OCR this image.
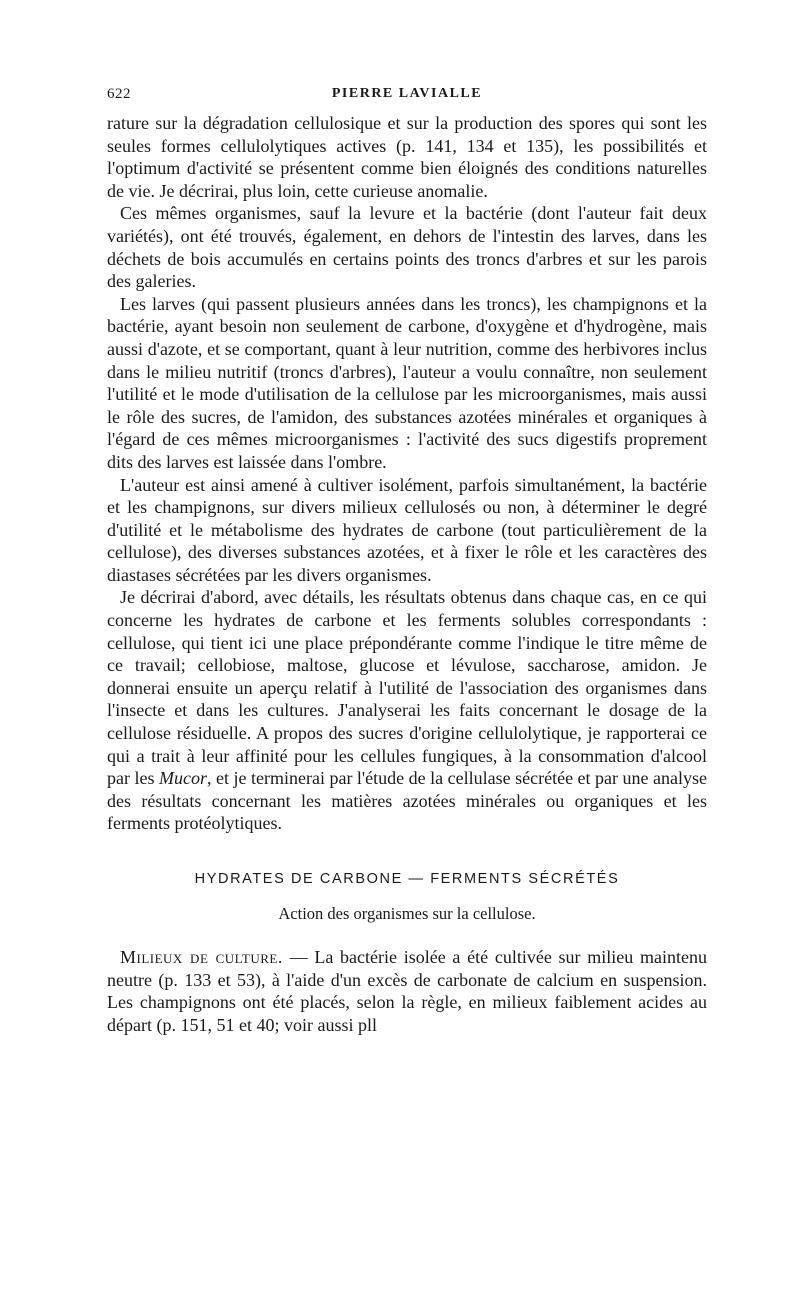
622	PIERRE LAVIALLE

rature sur la dégradation cellulosique et sur la production des spores qui sont les seules formes cellulolytiques actives (p. 141, 134 et 135), les possibilités et l'optimum d'activité se présentent comme bien éloignés des conditions naturelles de vie. Je décrirai, plus loin, cette curieuse anomalie.

Ces mêmes organismes, sauf la levure et la bactérie (dont l'auteur fait deux variétés), ont été trouvés, également, en dehors de l'intestin des larves, dans les déchets de bois accumulés en certains points des troncs d'arbres et sur les parois des galeries.

Les larves (qui passent plusieurs années dans les troncs), les champignons et la bactérie, ayant besoin non seulement de carbone, d'oxygène et d'hydrogène, mais aussi d'azote, et se comportant, quant à leur nutrition, comme des herbivores inclus dans le milieu nutritif (troncs d'arbres), l'auteur a voulu connaître, non seulement l'utilité et le mode d'utilisation de la cellulose par les microorganismes, mais aussi le rôle des sucres, de l'amidon, des substances azotées minérales et organiques à l'égard de ces mêmes microorganismes : l'activité des sucs digestifs proprement dits des larves est laissée dans l'ombre.

L'auteur est ainsi amené à cultiver isolément, parfois simultanément, la bactérie et les champignons, sur divers milieux cellulosés ou non, à déterminer le degré d'utilité et le métabolisme des hydrates de carbone (tout particulièrement de la cellulose), des diverses substances azotées, et à fixer le rôle et les caractères des diastases sécrétées par les divers organismes.

Je décrirai d'abord, avec détails, les résultats obtenus dans chaque cas, en ce qui concerne les hydrates de carbone et les ferments solubles correspondants : cellulose, qui tient ici une place prépondérante comme l'indique le titre même de ce travail; cellobiose, maltose, glucose et lévulose, saccharose, amidon. Je donnerai ensuite un aperçu relatif à l'utilité de l'association des organismes dans l'insecte et dans les cultures. J'analyserai les faits concernant le dosage de la cellulose résiduelle. A propos des sucres d'origine cellulolytique, je rapporterai ce qui a trait à leur affinité pour les cellules fungiques, à la consommation d'alcool par les Mucor, et je terminerai par l'étude de la cellulase sécrétée et par une analyse des résultats concernant les matières azotées minérales ou organiques et les ferments protéolytiques.

HYDRATES DE CARBONE — FERMENTS SÉCRÉTÉS
Action des organismes sur la cellulose.

Milieux de culture. — La bactérie isolée a été cultivée sur milieu maintenu neutre (p. 133 et 53), à l'aide d'un excès de carbonate de calcium en suspension. Les champignons ont été placés, selon la règle, en milieux faiblement acides au départ (p. 151, 51 et 40; voir aussi pll
